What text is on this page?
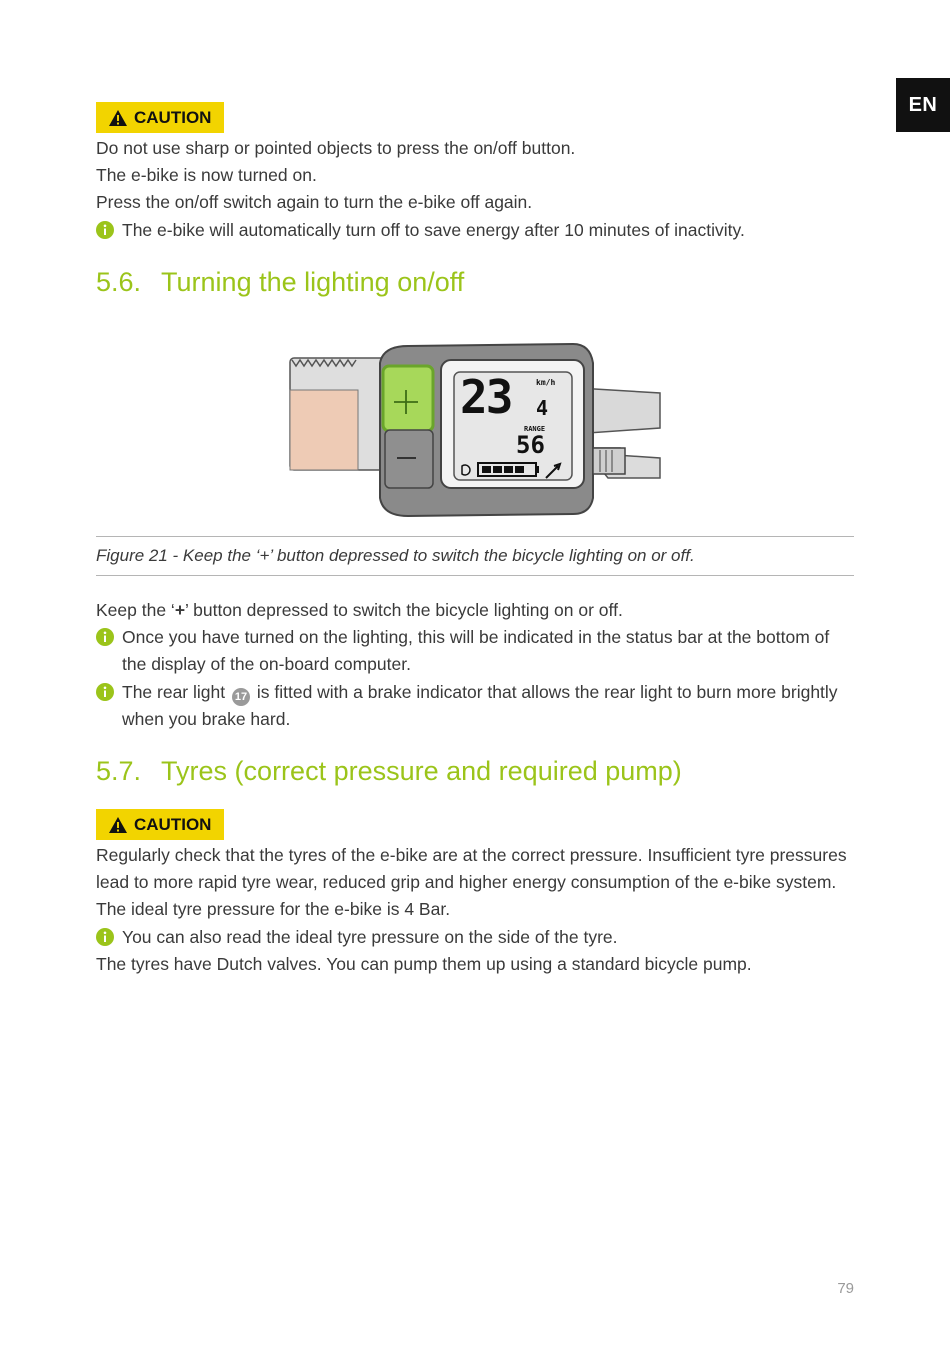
EN
CAUTION

Do not use sharp or pointed objects to press the on/off button.

The e-bike is now turned on.

Press the on/off switch again to turn the e-bike off again.

The e-bike will automatically turn off to save energy after 10 minutes of inactivity.
5.6. Turning the lighting on/off
23 4
km/h
RANGE
56
Figure 21 - Keep the ‘+’ button depressed to switch the bicycle lighting on or off.

Keep the ‘+’ button depressed to switch the bicycle lighting on or off.

Once you have turned on the lighting, this will be indicated in the status bar at the bottom of the display of the on-board computer.
The rear light 17 is fitted with a brake indicator that allows the rear light to burn more brightly when you brake hard.
5.7. Tyres (correct pressure and required pump)
CAUTION

Regularly check that the tyres of the e-bike are at the correct pressure. Insufficient tyre pressures lead to more rapid tyre wear, reduced grip and higher energy consumption of the e-bike system.

The ideal tyre pressure for the e-bike is 4 Bar.

You can also read the ideal tyre pressure on the side of the tyre.

The tyres have Dutch valves. You can pump them up using a standard bicycle pump.

79
